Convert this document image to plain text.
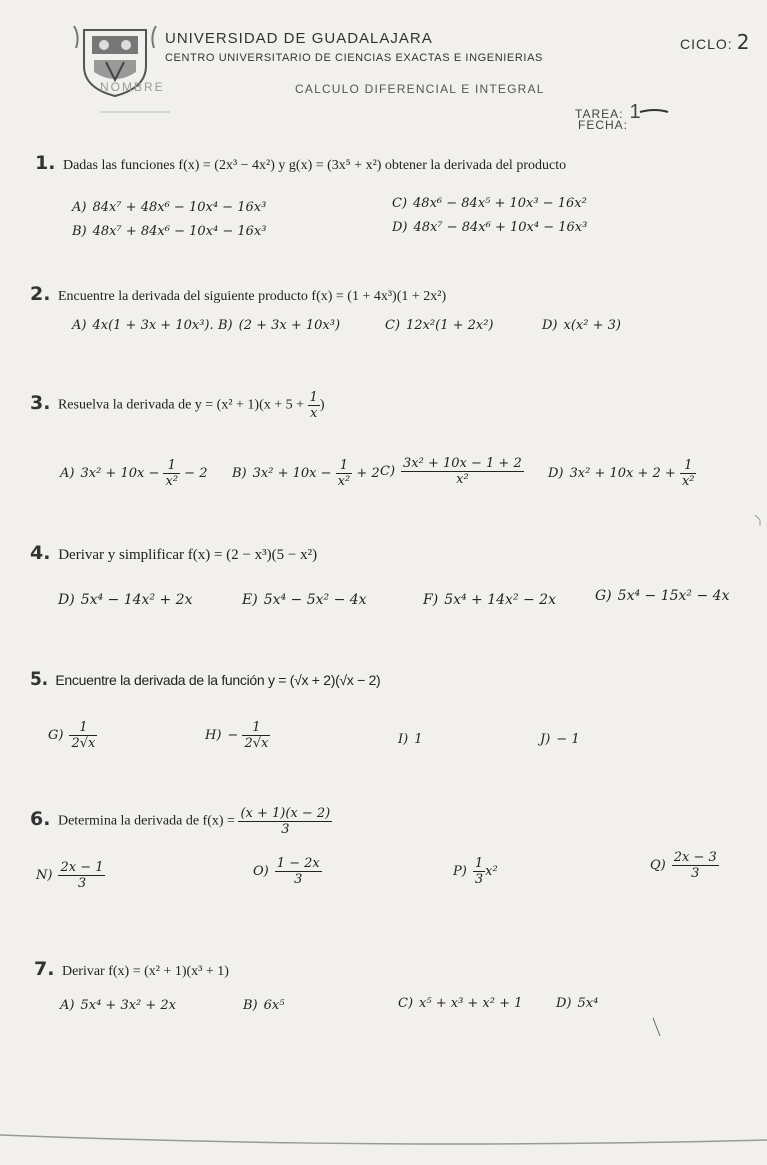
UNIVERSIDAD DE GUADALAJARA
CENTRO UNIVERSITARIO DE CIENCIAS EXACTAS E INGENIERIAS
CALCULO DIFERENCIAL E INTEGRAL
CICLO: 2
NOMBRE
TAREA: 1
FECHA:
1. Dadas las funciones f(x) = (2x³ − 4x²) y g(x) = (3x⁵ + x²) obtener la derivada del producto
A) 84x⁷ + 48x⁶ − 10x⁴ − 16x³	C) 48x⁶ − 84x⁵ + 10x³ − 16x²
B) 48x⁷ + 84x⁶ − 10x⁴ − 16x³	D) 48x⁷ − 84x⁶ + 10x⁴ − 16x³
2. Encuentre la derivada del siguiente producto f(x) = (1 + 4x³)(1 + 2x²)
A) 4x(1 + 3x + 10x³). B) (2 + 3x + 10x³)	C) 12x²(1 + 2x²)	D) x(x² + 3)
3. Resuelva la derivada de $y = (x^2 + 1)(x + 5 + \frac{1}{x}$ )
A) $3x^2 + 10x - \frac{1}{\text{x²}} - 2$ B) $3x^2 + 10x - \frac{1}{\text{x²}} + 2$ $C) \frac{\text{3x² + 10x − 1 + 2}}{\text{x²}} D$) $3x^2 + 10x + 2 + \frac{1}{\text{x²}}$
4. Derivar y simplificar f(x) = (2 − x³)(5 − x²)
D) 5x⁴ − 14x² + 2x	E) 5x⁴ − 5x² − 4x	F) 5x⁴ + 14x² − 2x	G) 5x⁴ − 15x² − 4x
5. Encuentre la derivada de la función y = (√x + 2)(√x − 2)
$G) \frac{1}{2√x}$	$H) - \frac{1}{2√x}$	I) 1	J) − 1
6. Determina la derivada de $f(x) = \frac{(x + 1)(x - 2)}{3}$
$N) \frac{2x - 1}{3}$	$O) \frac{1 - 2x}{3}$	$P) \frac{1}{3} x^2$	$Q) \frac{2x - 3}{3}$
7. Derivar f(x) = (x² + 1)(x³ + 1)
A) 5x⁴ + 3x² + 2x	B) 6x⁵	C) x⁵ + x³ + x² + 1	D) 5x⁴
